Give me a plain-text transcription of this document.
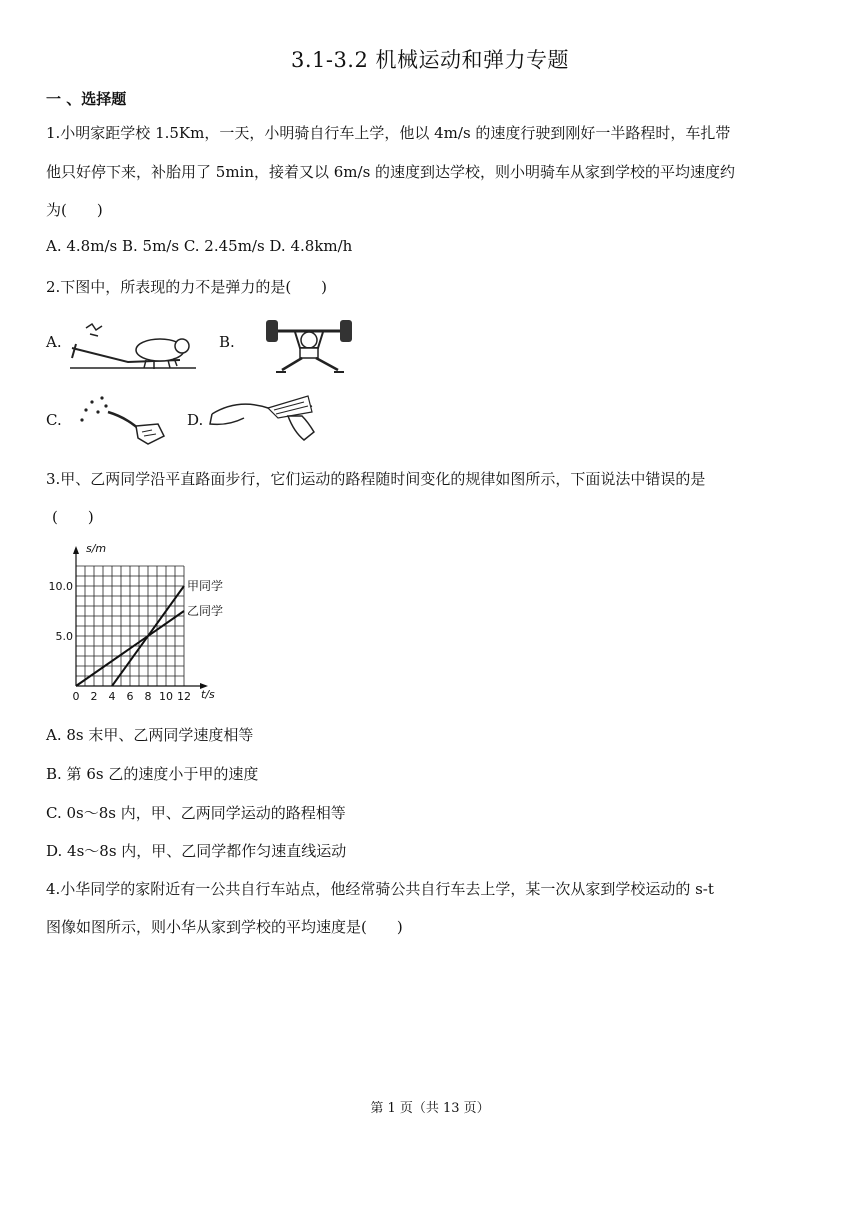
3.1-3.2 机械运动和弹力专题
一 、选择题
1.小明家距学校 1.5Km，一天，小明骑自行车上学，他以 4m/s 的速度行驶到刚好一半路程时，车扎带
他只好停下来，补胎用了 5min，接着又以 6m/s 的速度到达学校，则小明骑车从家到学校的平均速度约
为(　　)
A. 4.8m/s B. 5m/s C. 2.45m/s D. 4.8km/h
2.下图中，所表现的力不是弹力的是(　　)
A.	B.
C.	D.
3.甲、乙两同学沿平直路面步行，它们运动的路程随时间变化的规律如图所示，下面说法中错误的是
(　　)
0 2 4 6 8 10 12
5.0
10.0	甲同学
乙同学
s/m
t/s
A. 8s 末甲、乙两同学速度相等
B. 第 6s 乙的速度小于甲的速度
C. 0s～8s 内，甲、乙两同学运动的路程相等
D. 4s～8s 内，甲、乙同学都作匀速直线运动
4.小华同学的家附近有一公共自行车站点，他经常骑公共自行车去上学，某一次从家到学校运动的 s-t
图像如图所示，则小华从家到学校的平均速度是(　　)
第 1 页（共 13 页）
